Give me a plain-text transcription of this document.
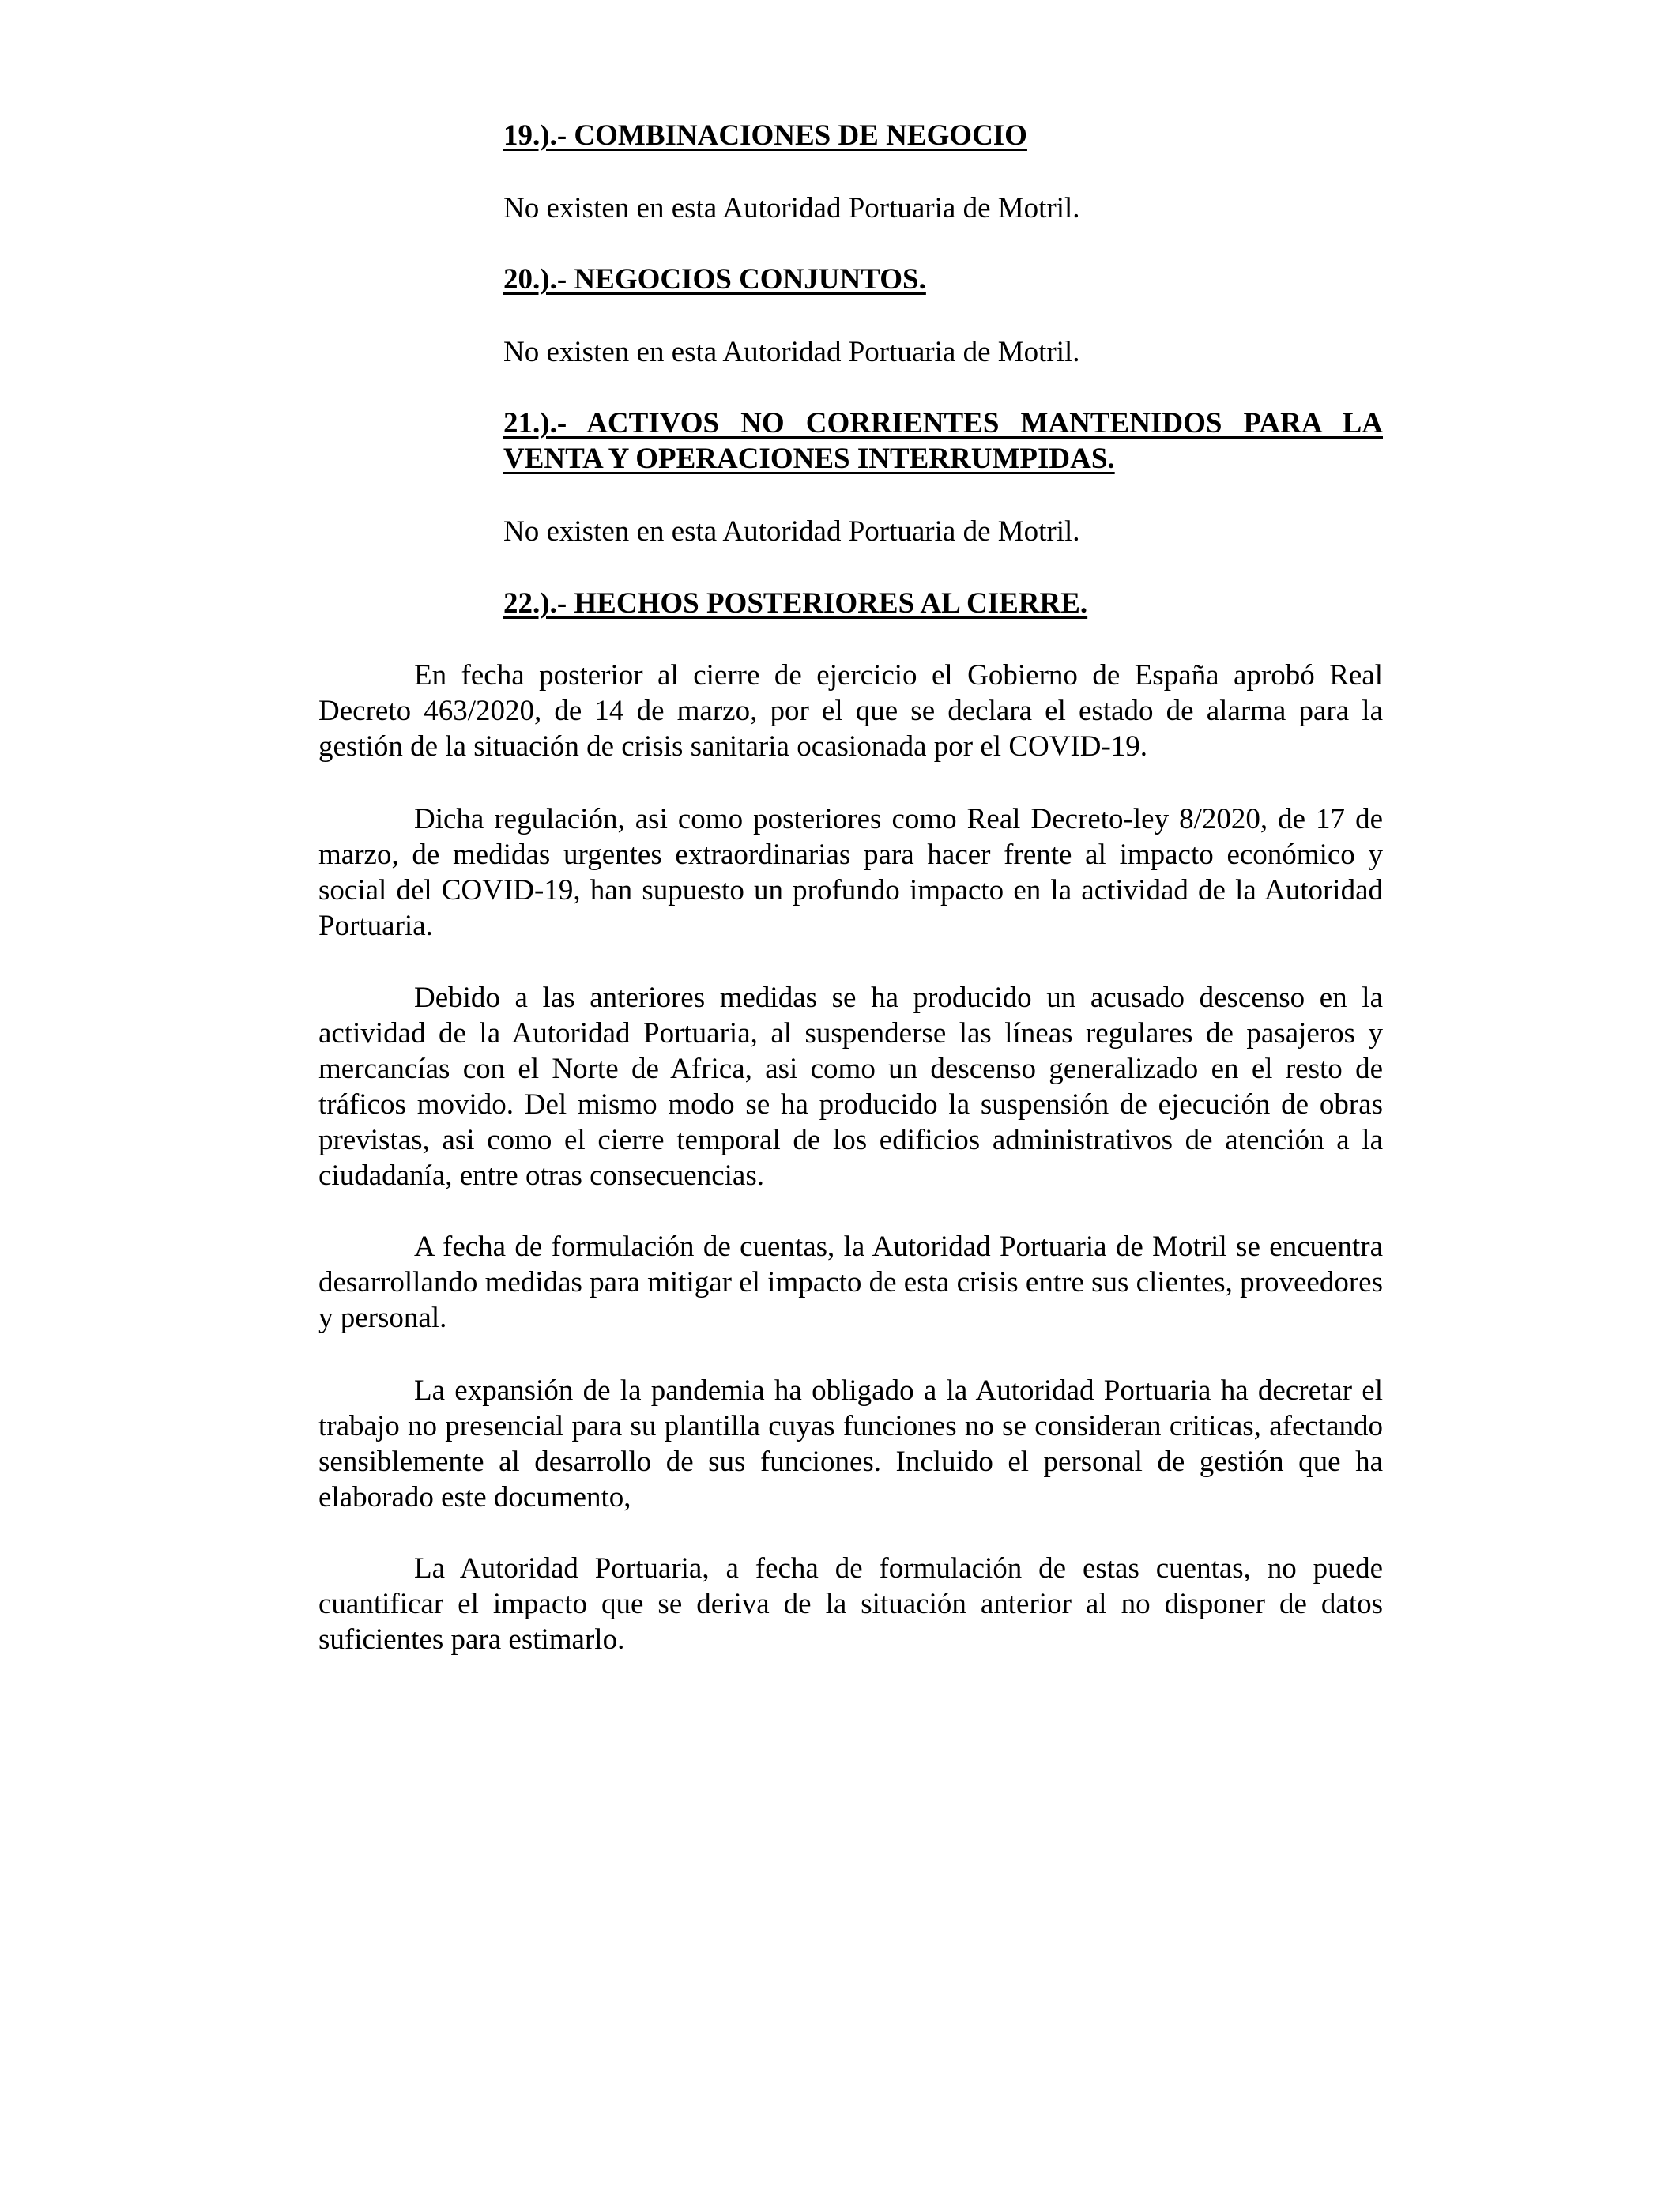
19.).- COMBINACIONES DE NEGOCIO

No existen en esta Autoridad Portuaria de Motril.

20.).- NEGOCIOS CONJUNTOS.

No existen en esta Autoridad Portuaria de Motril.

21.).- ACTIVOS NO CORRIENTES MANTENIDOS PARA LA VENTA Y OPERACIONES INTERRUMPIDAS.

No existen en esta Autoridad Portuaria de Motril.

22.).- HECHOS POSTERIORES AL CIERRE.

En fecha posterior al cierre de ejercicio el Gobierno de España aprobó Real Decreto 463/2020, de 14 de marzo, por el que se declara el estado de alarma para la gestión de la situación de crisis sanitaria ocasionada por el COVID-19.

Dicha regulación, asi como posteriores como Real Decreto-ley 8/2020, de 17 de marzo, de medidas urgentes extraordinarias para hacer frente al impacto económico y social del COVID-19, han supuesto un profundo impacto en la actividad de la Autoridad Portuaria.

Debido a las anteriores medidas se ha producido un acusado descenso en la actividad de la Autoridad Portuaria, al suspenderse las líneas regulares de pasajeros y mercancías con el Norte de Africa, asi como un descenso generalizado en el resto de tráficos movido. Del mismo modo se ha producido la suspensión de ejecución de obras previstas, asi como el cierre temporal de los edificios administrativos de atención a la ciudadanía, entre otras consecuencias.

A fecha de formulación de cuentas, la Autoridad Portuaria de Motril se encuentra desarrollando medidas para mitigar el impacto de esta crisis entre sus clientes, proveedores y personal.

La expansión de la pandemia ha obligado a la Autoridad Portuaria ha decretar el trabajo no presencial para su plantilla cuyas funciones no se consideran criticas, afectando sensiblemente al desarrollo de sus funciones. Incluido el personal de gestión que ha elaborado este documento,

La Autoridad Portuaria, a fecha de formulación de estas cuentas, no puede cuantificar el impacto que se deriva de la situación anterior al no disponer de datos suficientes para estimarlo.
